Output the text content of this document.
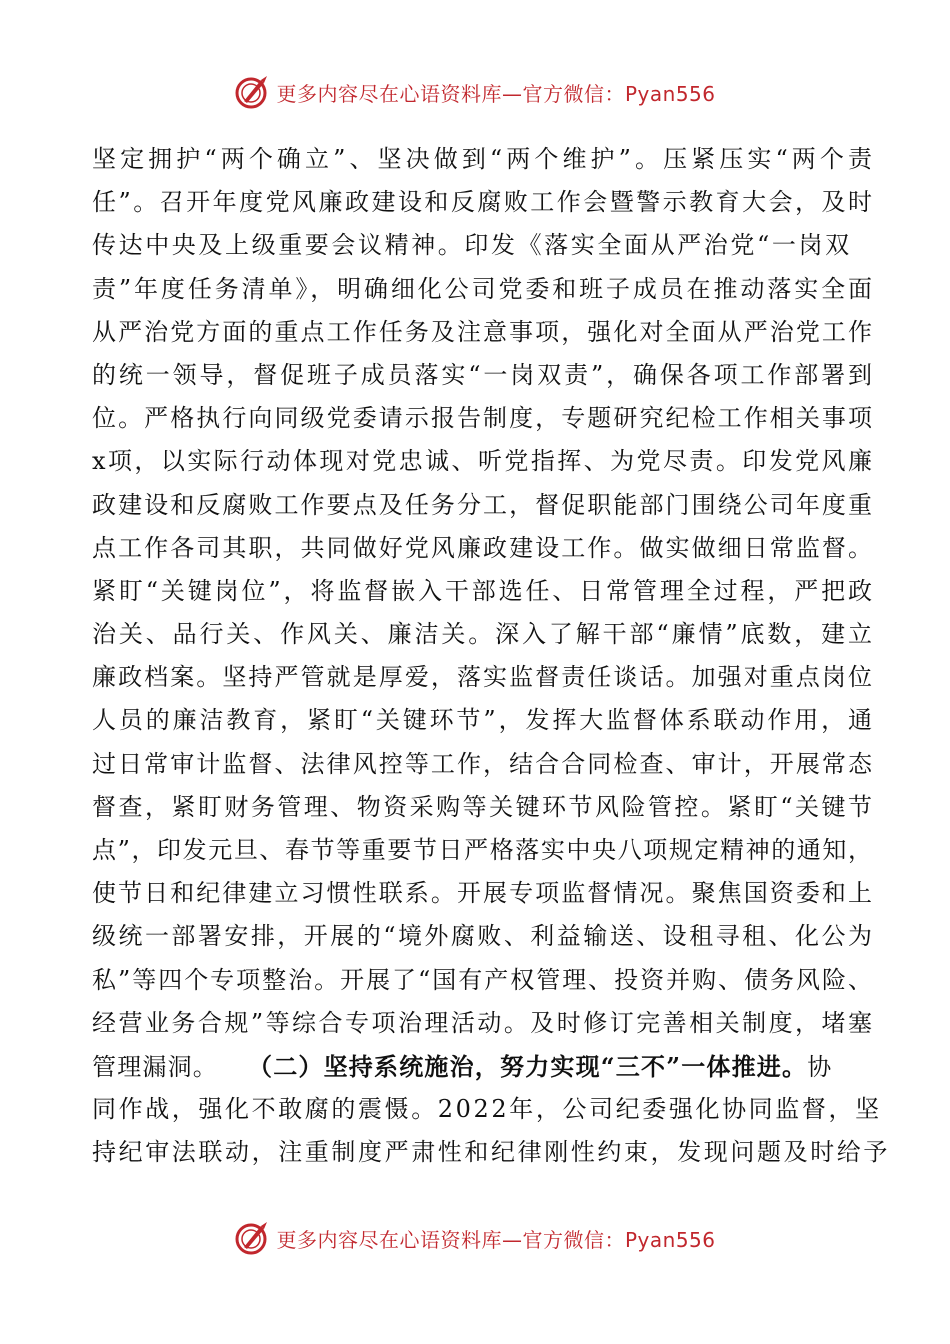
更多内容尽在心语资料库—官方微信：Pyan556
坚定拥护“两个确立”、坚决做到“两个维护”。压紧压实“两个责
任”。召开年度党风廉政建设和反腐败工作会暨警示教育大会，及时
传达中央及上级重要会议精神。印发《落实全面从严治党“一岗双
责”年度任务清单》，明确细化公司党委和班子成员在推动落实全面
从严治党方面的重点工作任务及注意事项，强化对全面从严治党工作
的统一领导，督促班子成员落实“一岗双责”，确保各项工作部署到
位。严格执行向同级党委请示报告制度，专题研究纪检工作相关事项
x项，以实际行动体现对党忠诚、听党指挥、为党尽责。印发党风廉
政建设和反腐败工作要点及任务分工，督促职能部门围绕公司年度重
点工作各司其职，共同做好党风廉政建设工作。做实做细日常监督。
紧盯“关键岗位”，将监督嵌入干部选任、日常管理全过程，严把政
治关、品行关、作风关、廉洁关。深入了解干部“廉情”底数，建立
廉政档案。坚持严管就是厚爱，落实监督责任谈话。加强对重点岗位
人员的廉洁教育，紧盯“关键环节”，发挥大监督体系联动作用，通
过日常审计监督、法律风控等工作，结合合同检查、审计，开展常态
督查，紧盯财务管理、物资采购等关键环节风险管控。紧盯“关键节
点”，印发元旦、春节等重要节日严格落实中央八项规定精神的通知，
使节日和纪律建立习惯性联系。开展专项监督情况。聚焦国资委和上
级统一部署安排，开展的“境外腐败、利益输送、设租寻租、化公为
私”等四个专项整治。开展了“国有产权管理、投资并购、债务风险、
经营业务合规”等综合专项治理活动。及时修订完善相关制度，堵塞
管理漏洞。 （二）坚持系统施治，努力实现“三不”一体推进。协
同作战，强化不敢腐的震慑。2022年，公司纪委强化协同监督，坚
持纪审法联动，注重制度严肃性和纪律刚性约束，发现问题及时给予
更多内容尽在心语资料库—官方微信：Pyan556
